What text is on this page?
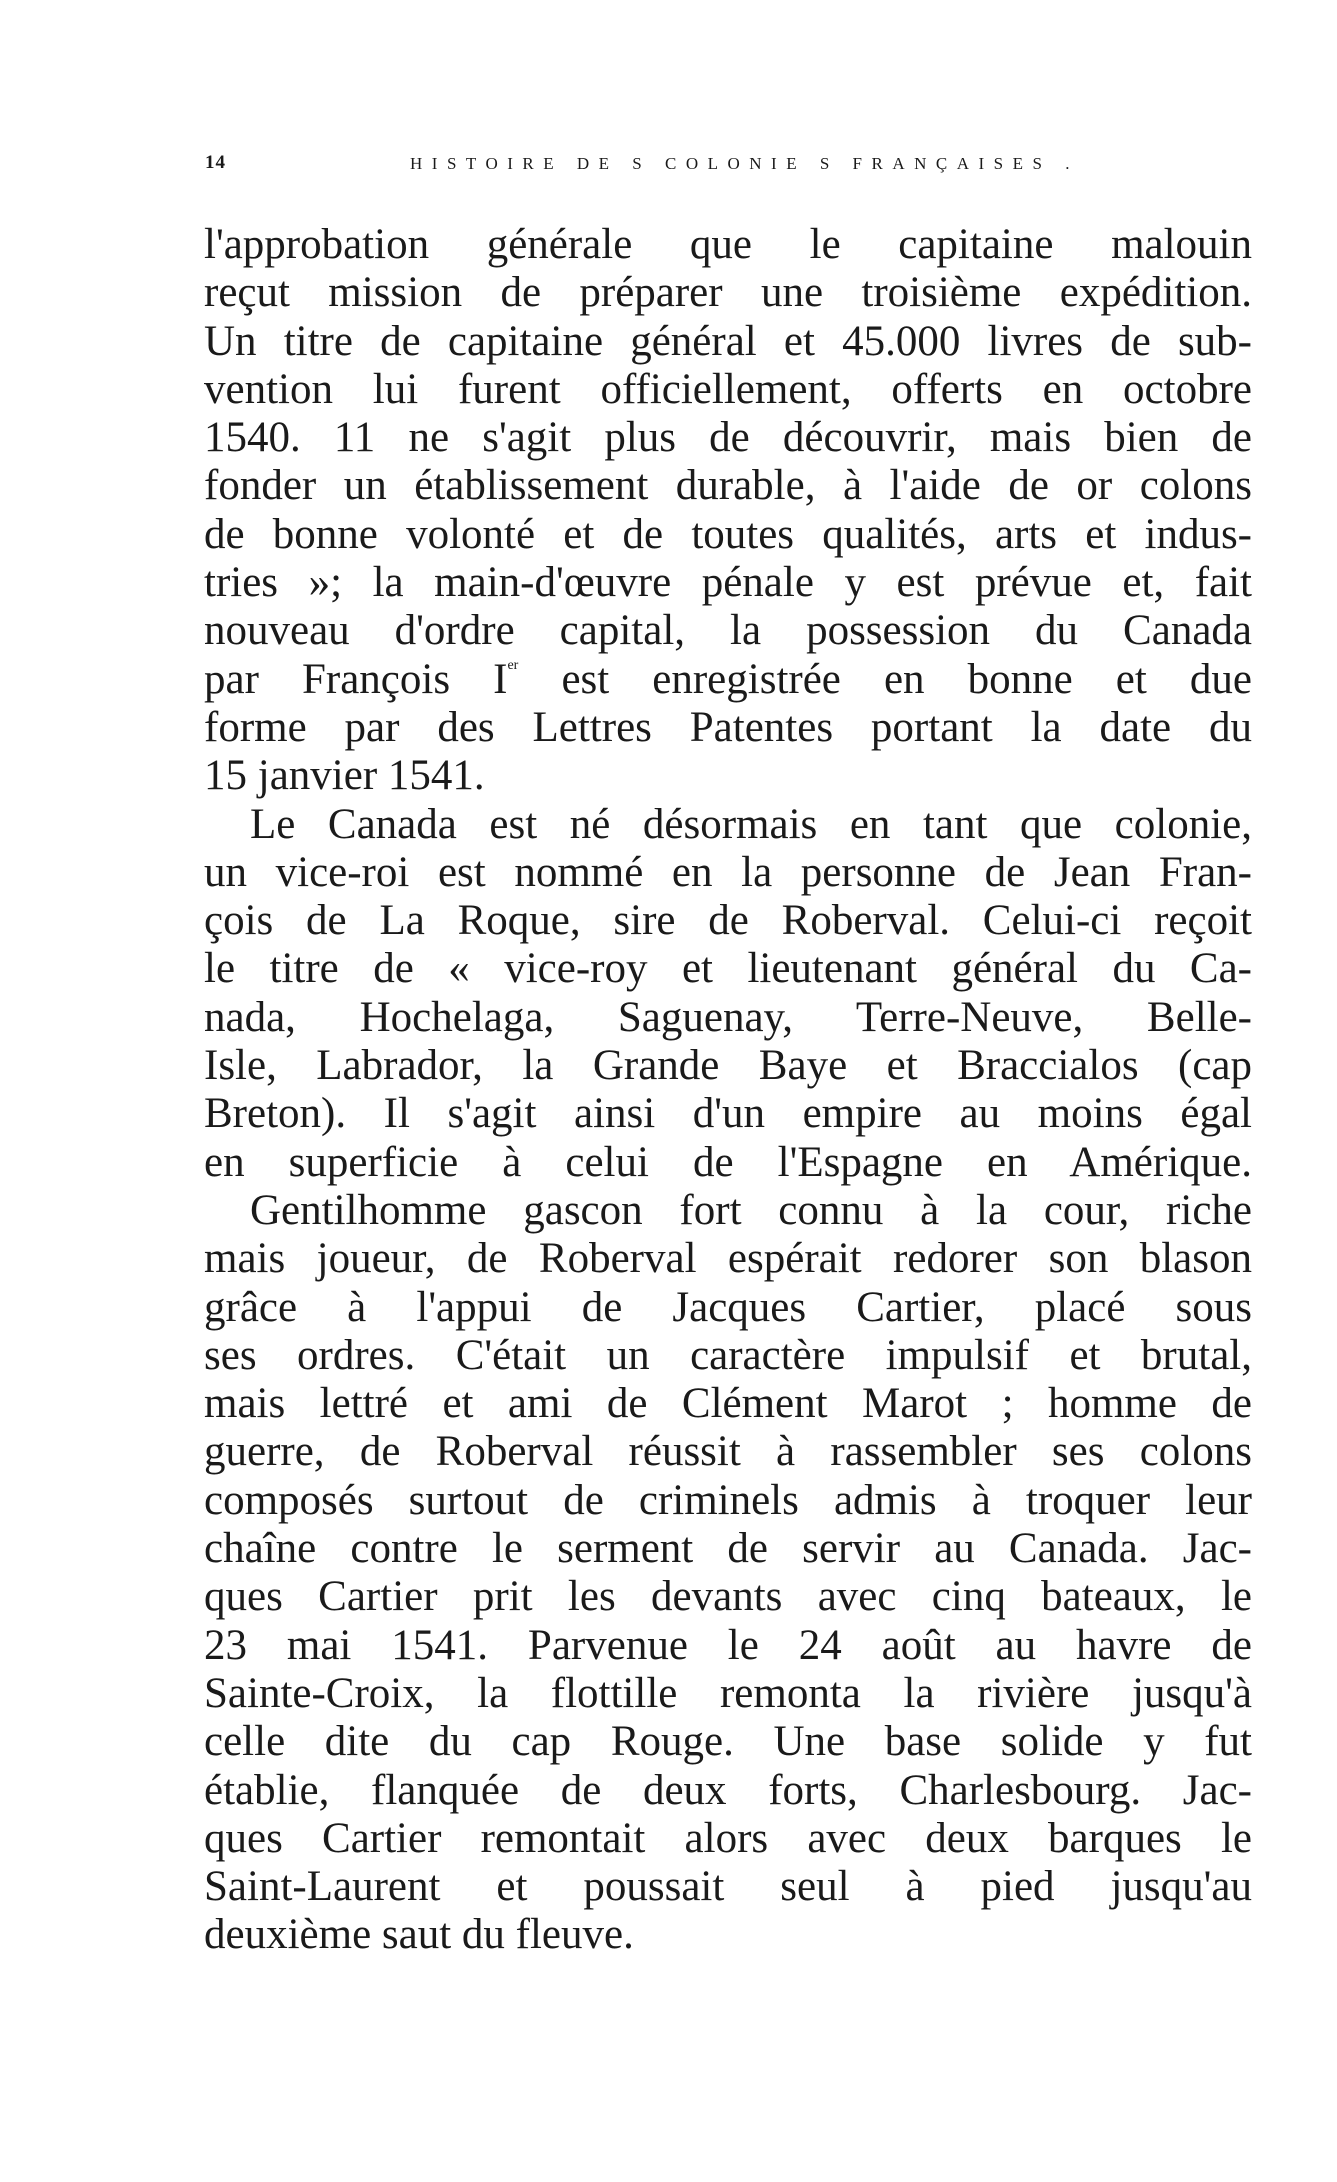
14	HISTOIRE DE S COLONIE S FRANÇAISES .
l'approbation générale que le capitaine malouin
reçut mission de préparer une troisième expédition.
Un titre de capitaine général et 45.000 livres de sub-
vention lui furent officiellement, offerts en octobre
1540. 11 ne s'agit plus de découvrir, mais bien de
fonder un établissement durable, à l'aide de or colons
de bonne volonté et de toutes qualités, arts et indus-
tries »; la main-d'œuvre pénale y est prévue et, fait
nouveau d'ordre capital, la possession du Canada
par François Ier est enregistrée en bonne et due
forme par des Lettres Patentes portant la date du
15 janvier 1541.
Le Canada est né désormais en tant que colonie,
un vice-roi est nommé en la personne de Jean Fran-
çois de La Roque, sire de Roberval. Celui-ci reçoit
le titre de « vice-roy et lieutenant général du Ca-
nada, Hochelaga, Saguenay, Terre-Neuve, Belle-
Isle, Labrador, la Grande Baye et Braccialos (cap
Breton). Il s'agit ainsi d'un empire au moins égal
en superficie à celui de l'Espagne en Amérique.
Gentilhomme gascon fort connu à la cour, riche
mais joueur, de Roberval espérait redorer son blason
grâce à l'appui de Jacques Cartier, placé sous
ses ordres. C'était un caractère impulsif et brutal,
mais lettré et ami de Clément Marot ; homme de
guerre, de Roberval réussit à rassembler ses colons
composés surtout de criminels admis à troquer leur
chaîne contre le serment de servir au Canada. Jac-
ques Cartier prit les devants avec cinq bateaux, le
23 mai 1541. Parvenue le 24 août au havre de
Sainte-Croix, la flottille remonta la rivière jusqu'à
celle dite du cap Rouge. Une base solide y fut
établie, flanquée de deux forts, Charlesbourg. Jac-
ques Cartier remontait alors avec deux barques le
Saint-Laurent et poussait seul à pied jusqu'au
deuxième saut du fleuve.
